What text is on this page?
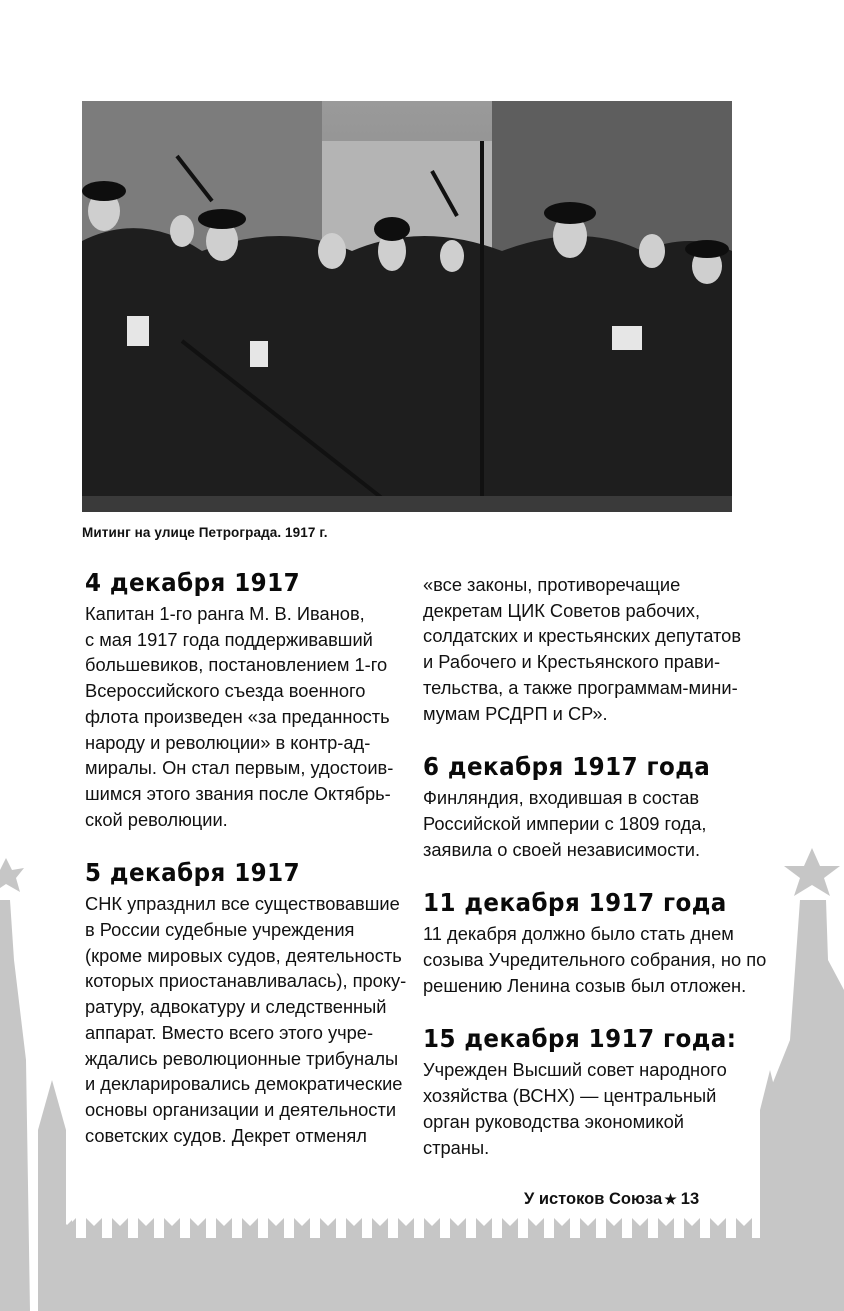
Митинг на улице Петрограда. 1917 г.
4 декабря 1917

Капитан 1-го ранга М. В. Иванов,

с мая 1917 года поддерживавший

большевиков, постановлением 1-го

Всероссийского съезда военного

флота произведен «за преданность

народу и революции» в контр-ад-

миралы. Он стал первым, удостоив-

шимся этого звания после Октябрь-

ской революции.

5 декабря 1917

СНК упразднил все существовавшие

в России судебные учреждения

(кроме мировых судов, деятельность

которых приостанавливалась), проку-

ратуру, адвокатуру и следственный

аппарат. Вместо всего этого учре-

ждались революционные трибуналы

и декларировались демократические

основы организации и деятельности

советских судов. Декрет отменял

«все законы, противоречащие

декретам ЦИК Советов рабочих,

солдатских и крестьянских депутатов

и Рабочего и Крестьянского прави-

тельства, а также программам-мини-

мумам РСДРП и СР».

6 декабря 1917 года

Финляндия, входившая в состав

Российской империи с 1809 года,

заявила о своей независимости.

11 декабря 1917 года

11 декабря должно было стать днем

созыва Учредительного собрания, но по

решению Ленина созыв был отложен.

15 декабря 1917 года:

Учрежден Высший совет народного

хозяйства (ВСНХ) — центральный

орган руководства экономикой

страны.

У истоков Союза ★ 13
